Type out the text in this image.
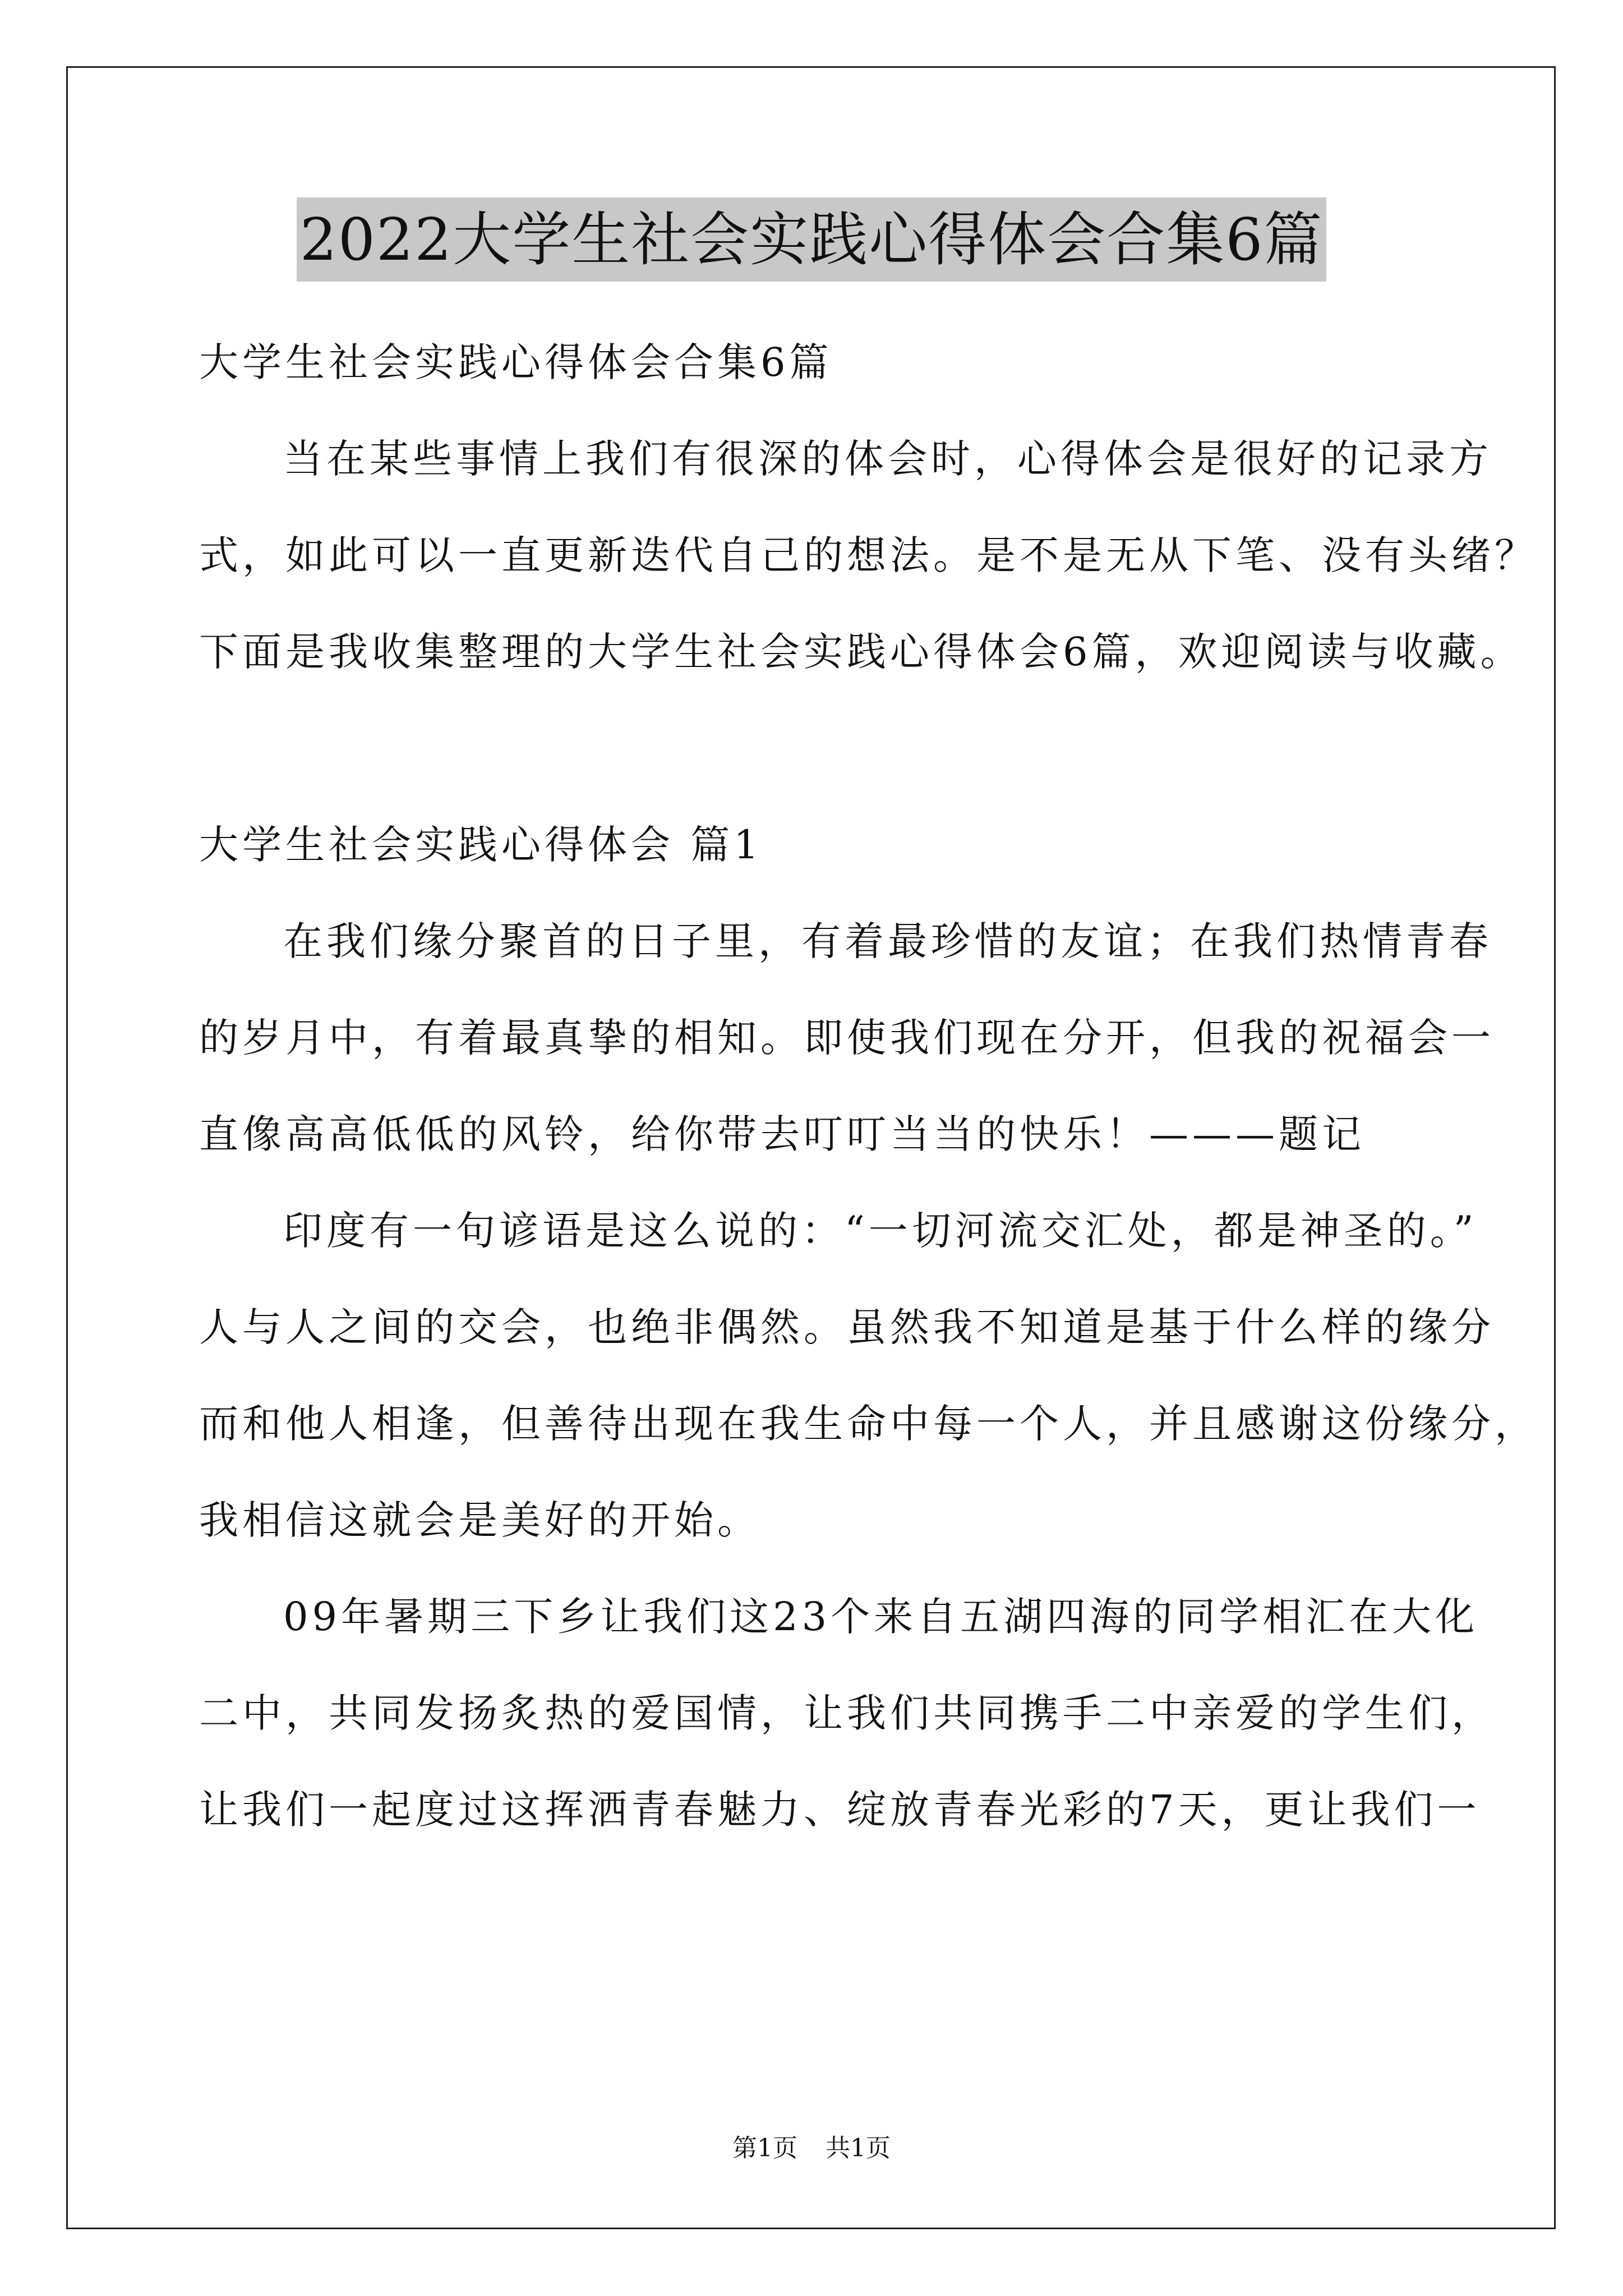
2022大学生社会实践心得体会合集6篇
大学生社会实践心得体会合集6篇
当在某些事情上我们有很深的体会时，心得体会是很好的记录方
式，如此可以一直更新迭代自己的想法。是不是无从下笔、没有头绪？
下面是我收集整理的大学生社会实践心得体会6篇，欢迎阅读与收藏。
大学生社会实践心得体会 篇1
在我们缘分聚首的日子里，有着最珍惜的友谊；在我们热情青春
的岁月中，有着最真挚的相知。即使我们现在分开，但我的祝福会一
直像高高低低的风铃，给你带去叮叮当当的快乐！———题记
印度有一句谚语是这么说的：“一切河流交汇处，都是神圣的。”
人与人之间的交会，也绝非偶然。虽然我不知道是基于什么样的缘分
而和他人相逢，但善待出现在我生命中每一个人，并且感谢这份缘分，
我相信这就会是美好的开始。
09年暑期三下乡让我们这23个来自五湖四海的同学相汇在大化
二中，共同发扬炙热的爱国情，让我们共同携手二中亲爱的学生们，
让我们一起度过这挥洒青春魅力、绽放青春光彩的7天，更让我们一
第1页 共1页
